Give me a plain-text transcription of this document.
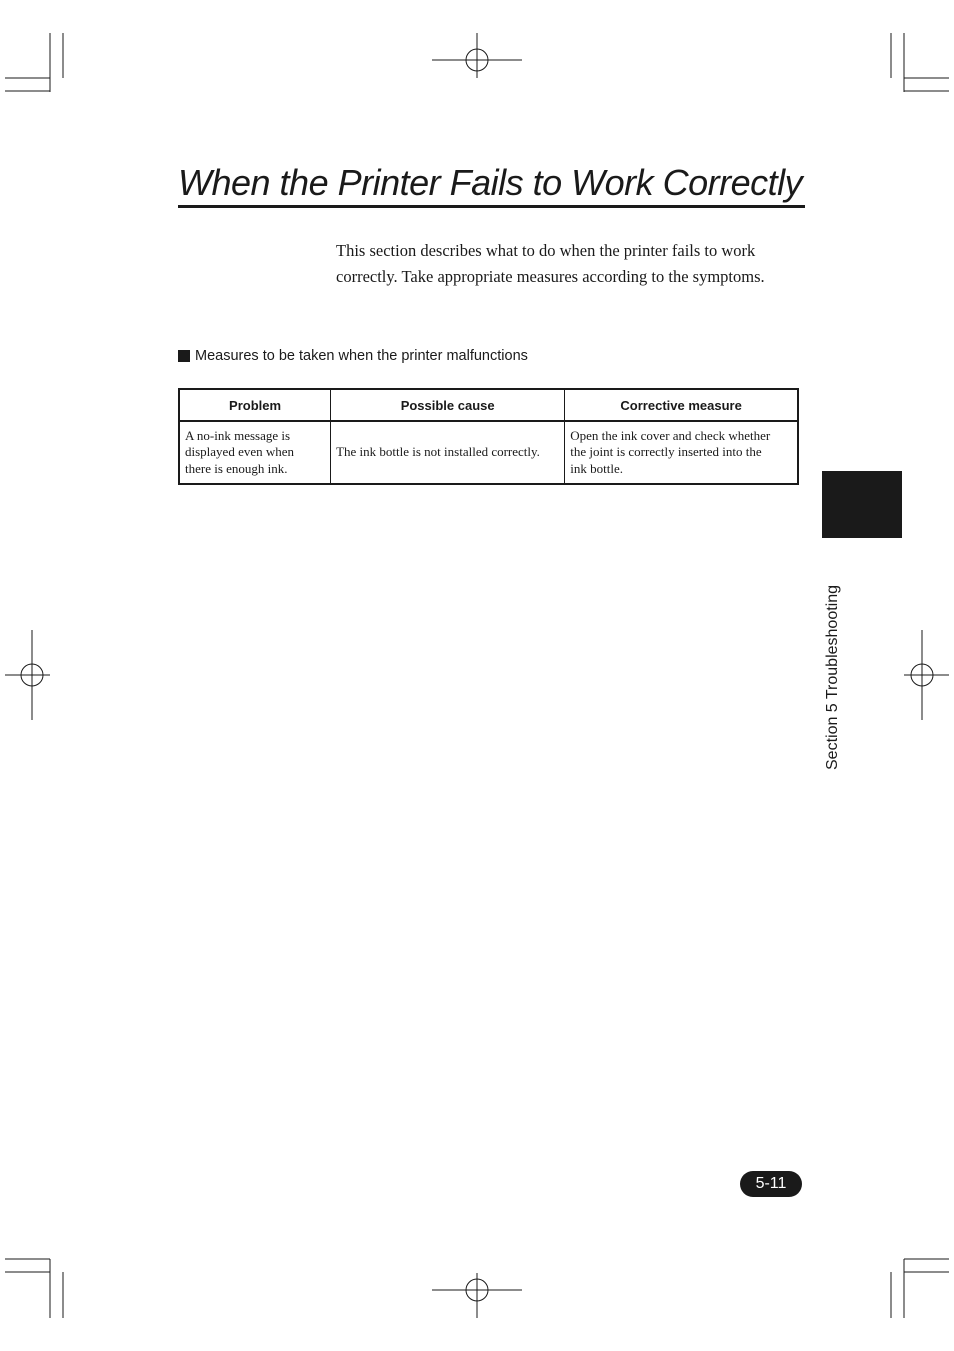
When the Printer Fails to Work Correctly

This section describes what to do when the printer fails to work
correctly. Take appropriate measures according to the symptoms.

Measures to be taken when the printer malfunctions
Problem	Possible cause	Corrective measure
A no-ink message is
displayed even when
there is enough ink.	The ink bottle is not installed correctly.	Open the ink cover and check whether
the joint is correctly inserted into the
ink bottle.
Section 5 Troubleshooting
5-11
